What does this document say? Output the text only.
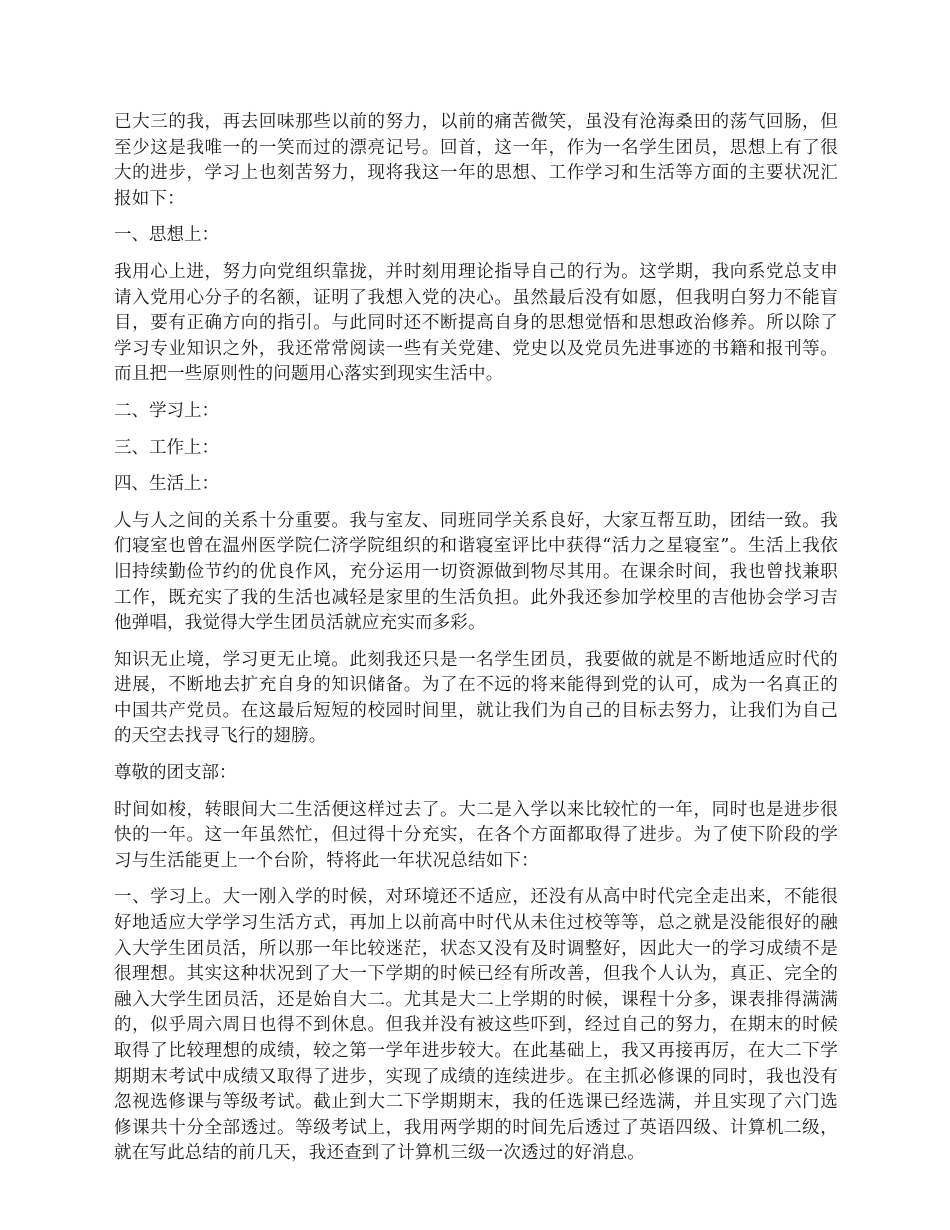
已大三的我，再去回味那些以前的努力，以前的痛苦微笑，虽没有沧海桑田的荡气回肠，但至少这是我唯一的一笑而过的漂亮记号。回首，这一年，作为一名学生团员，思想上有了很大的进步，学习上也刻苦努力，现将我这一年的思想、工作学习和生活等方面的主要状况汇报如下：

一、思想上：

我用心上进，努力向党组织靠拢，并时刻用理论指导自己的行为。这学期，我向系党总支申请入党用心分子的名额，证明了我想入党的决心。虽然最后没有如愿，但我明白努力不能盲目，要有正确方向的指引。与此同时还不断提高自身的思想觉悟和思想政治修养。所以除了学习专业知识之外，我还常常阅读一些有关党建、党史以及党员先进事迹的书籍和报刊等。而且把一些原则性的问题用心落实到现实生活中。

二、学习上：

三、工作上：

四、生活上：

人与人之间的关系十分重要。我与室友、同班同学关系良好，大家互帮互助，团结一致。我们寝室也曾在温州医学院仁济学院组织的和谐寝室评比中获得“活力之星寝室”。生活上我依旧持续勤俭节约的优良作风，充分运用一切资源做到物尽其用。在课余时间，我也曾找兼职工作，既充实了我的生活也减轻是家里的生活负担。此外我还参加学校里的吉他协会学习吉他弹唱，我觉得大学生团员活就应充实而多彩。

知识无止境，学习更无止境。此刻我还只是一名学生团员，我要做的就是不断地适应时代的进展，不断地去扩充自身的知识储备。为了在不远的将来能得到党的认可，成为一名真正的中国共产党员。在这最后短短的校园时间里，就让我们为自己的目标去努力，让我们为自己的天空去找寻飞行的翅膀。

尊敬的团支部：

时间如梭，转眼间大二生活便这样过去了。大二是入学以来比较忙的一年，同时也是进步很快的一年。这一年虽然忙，但过得十分充实，在各个方面都取得了进步。为了使下阶段的学习与生活能更上一个台阶，特将此一年状况总结如下：

一、学习上。大一刚入学的时候，对环境还不适应，还没有从高中时代完全走出来，不能很好地适应大学学习生活方式，再加上以前高中时代从未住过校等等，总之就是没能很好的融入大学生团员活，所以那一年比较迷茫，状态又没有及时调整好，因此大一的学习成绩不是很理想。其实这种状况到了大一下学期的时候已经有所改善，但我个人认为，真正、完全的融入大学生团员活，还是始自大二。尤其是大二上学期的时候，课程十分多，课表排得满满的，似乎周六周日也得不到休息。但我并没有被这些吓到，经过自己的努力，在期末的时候取得了比较理想的成绩，较之第一学年进步较大。在此基础上，我又再接再厉，在大二下学期期末考试中成绩又取得了进步，实现了成绩的连续进步。在主抓必修课的同时，我也没有忽视选修课与等级考试。截止到大二下学期期末，我的任选课已经选满，并且实现了六门选修课共十分全部透过。等级考试上，我用两学期的时间先后透过了英语四级、计算机二级，就在写此总结的前几天，我还查到了计算机三级一次透过的好消息。
